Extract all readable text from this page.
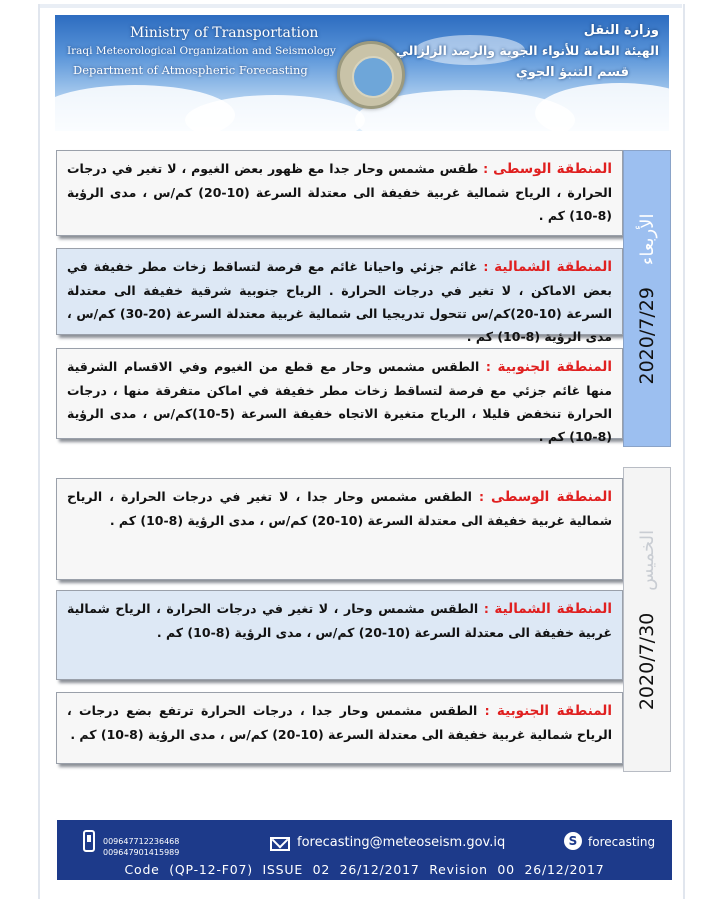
Ministry of Transportation
Iraqi Meteorological Organization and Seismology
Department of Atmospheric Forecasting
وزارة النقل
الهيئة العامة للأنواء الجوية والرصد الزلزالي
قسم التنبؤ الجوي
المنطقة الوسطى : طقس مشمس وحار جدا مع ظهور بعض الغيوم ، لا تغير في درجات الحرارة ، الرياح شمالية غربية خفيفة الى معتدلة السرعة (10-20) كم/س ، مدى الرؤية (8-10) كم .
المنطقة الشمالية : غائم جزئي واحيانا غائم مع فرصة لتساقط زخات مطر خفيفة في بعض الاماكن ، لا تغير في درجات الحرارة . الرياح جنوبية شرقية خفيفة الى معتدلة السرعة (10-20)كم/س تتحول تدريجيا الى شمالية غربية معتدلة السرعة (20-30) كم/س ، مدى الرؤية (8-10) كم .
المنطقة الجنوبية : الطقس مشمس وحار مع قطع من الغيوم وفي الاقسام الشرقية منها غائم جزئي مع فرصة لتساقط زخات مطر خفيفة في اماكن متفرقة منها ، درجات الحرارة تنخفض قليلا ، الرياح متغيرة الاتجاه خفيفة السرعة (5-10)كم/س ، مدى الرؤية (8-10) كم .
الأربعاء
2020/7/29
المنطقة الوسطى : الطقس مشمس وحار جدا ، لا تغير في درجات الحرارة ، الرياح شمالية غربية خفيفة الى معتدلة السرعة (10-20) كم/س ، مدى الرؤية (8-10) كم .
المنطقة الشمالية : الطقس مشمس وحار ، لا تغير في درجات الحرارة ، الرياح شمالية غربية خفيفة الى معتدلة السرعة (10-20) كم/س ، مدى الرؤية (8-10) كم .
المنطقة الجنوبية : الطقس مشمس وحار جدا ، درجات الحرارة ترتفع بضع درجات ، الرياح شمالية غربية خفيفة الى معتدلة السرعة (10-20) كم/س ، مدى الرؤية (8-10) كم .
الخميس
2020/7/30
009647712236468
009647901415989
forecasting@meteoseism.gov.iq	S forecasting
Code  (QP-12-F07)  ISSUE  02  26/12/2017  Revision  00  26/12/2017
